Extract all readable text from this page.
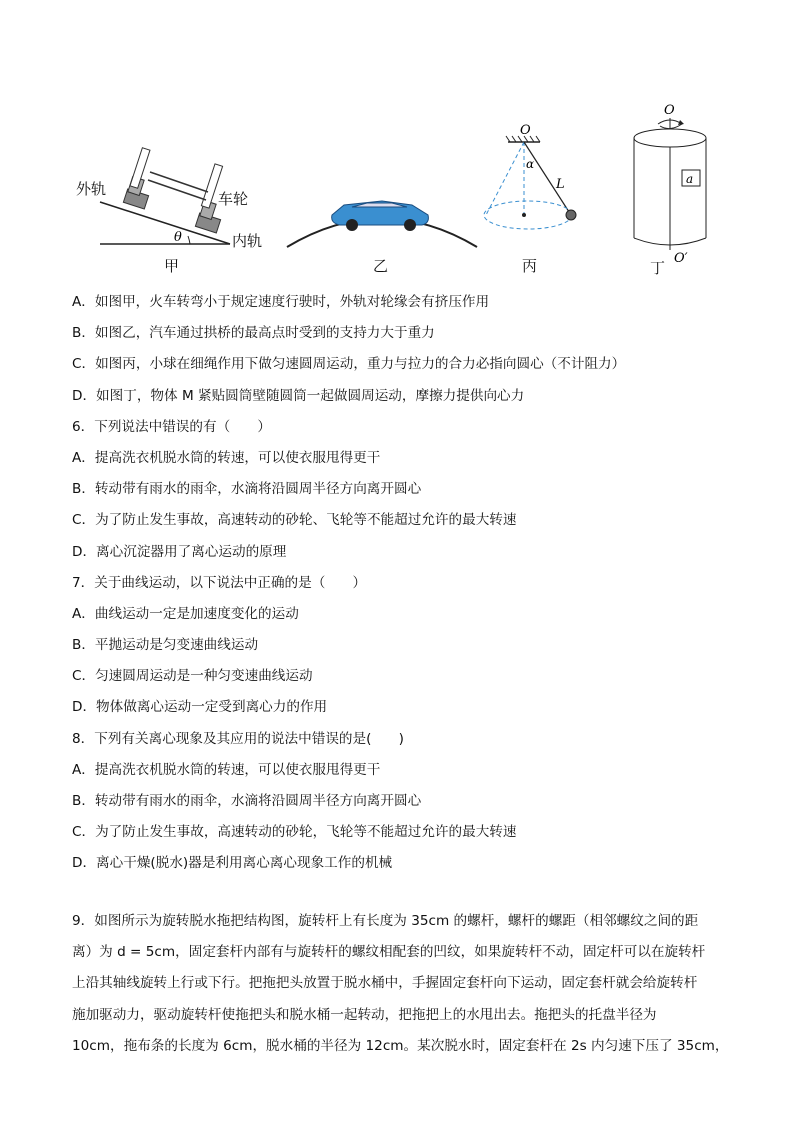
θ
外轨
车轮
内轨
甲	乙
O
α
L
丙
O
a
O′
丁
A．如图甲，火车转弯小于规定速度行驶时，外轨对轮缘会有挤压作用
B．如图乙，汽车通过拱桥的最高点时受到的支持力大于重力
C．如图丙，小球在细绳作用下做匀速圆周运动，重力与拉力的合力必指向圆心（不计阻力）
D．如图丁，物体 M 紧贴圆筒壁随圆筒一起做圆周运动，摩擦力提供向心力
6．下列说法中错误的有（　　）
A．提高洗衣机脱水筒的转速，可以使衣服甩得更干
B．转动带有雨水的雨伞，水滴将沿圆周半径方向离开圆心
C．为了防止发生事故，高速转动的砂轮、飞轮等不能超过允许的最大转速
D．离心沉淀器用了离心运动的原理
7．关于曲线运动，以下说法中正确的是（　　）
A．曲线运动一定是加速度变化的运动
B．平抛运动是匀变速曲线运动
C．匀速圆周运动是一种匀变速曲线运动
D．物体做离心运动一定受到离心力的作用
8．下列有关离心现象及其应用的说法中错误的是(　　)
A．提高洗衣机脱水筒的转速，可以使衣服甩得更干
B．转动带有雨水的雨伞，水滴将沿圆周半径方向离开圆心
C．为了防止发生事故，高速转动的砂轮，飞轮等不能超过允许的最大转速
D．离心干燥(脱水)器是利用离心离心现象工作的机械
9．如图所示为旋转脱水拖把结构图，旋转杆上有长度为 35cm 的螺杆，螺杆的螺距（相邻螺纹之间的距
离）为 d = 5cm，固定套杆内部有与旋转杆的螺纹相配套的凹纹，如果旋转杆不动，固定杆可以在旋转杆
上沿其轴线旋转上行或下行。把拖把头放置于脱水桶中，手握固定套杆向下运动，固定套杆就会给旋转杆
施加驱动力，驱动旋转杆使拖把头和脱水桶一起转动，把拖把上的水甩出去。拖把头的托盘半径为
10cm，拖布条的长度为 6cm，脱水桶的半径为 12cm。某次脱水时，固定套杆在 2s 内匀速下压了 35cm，
